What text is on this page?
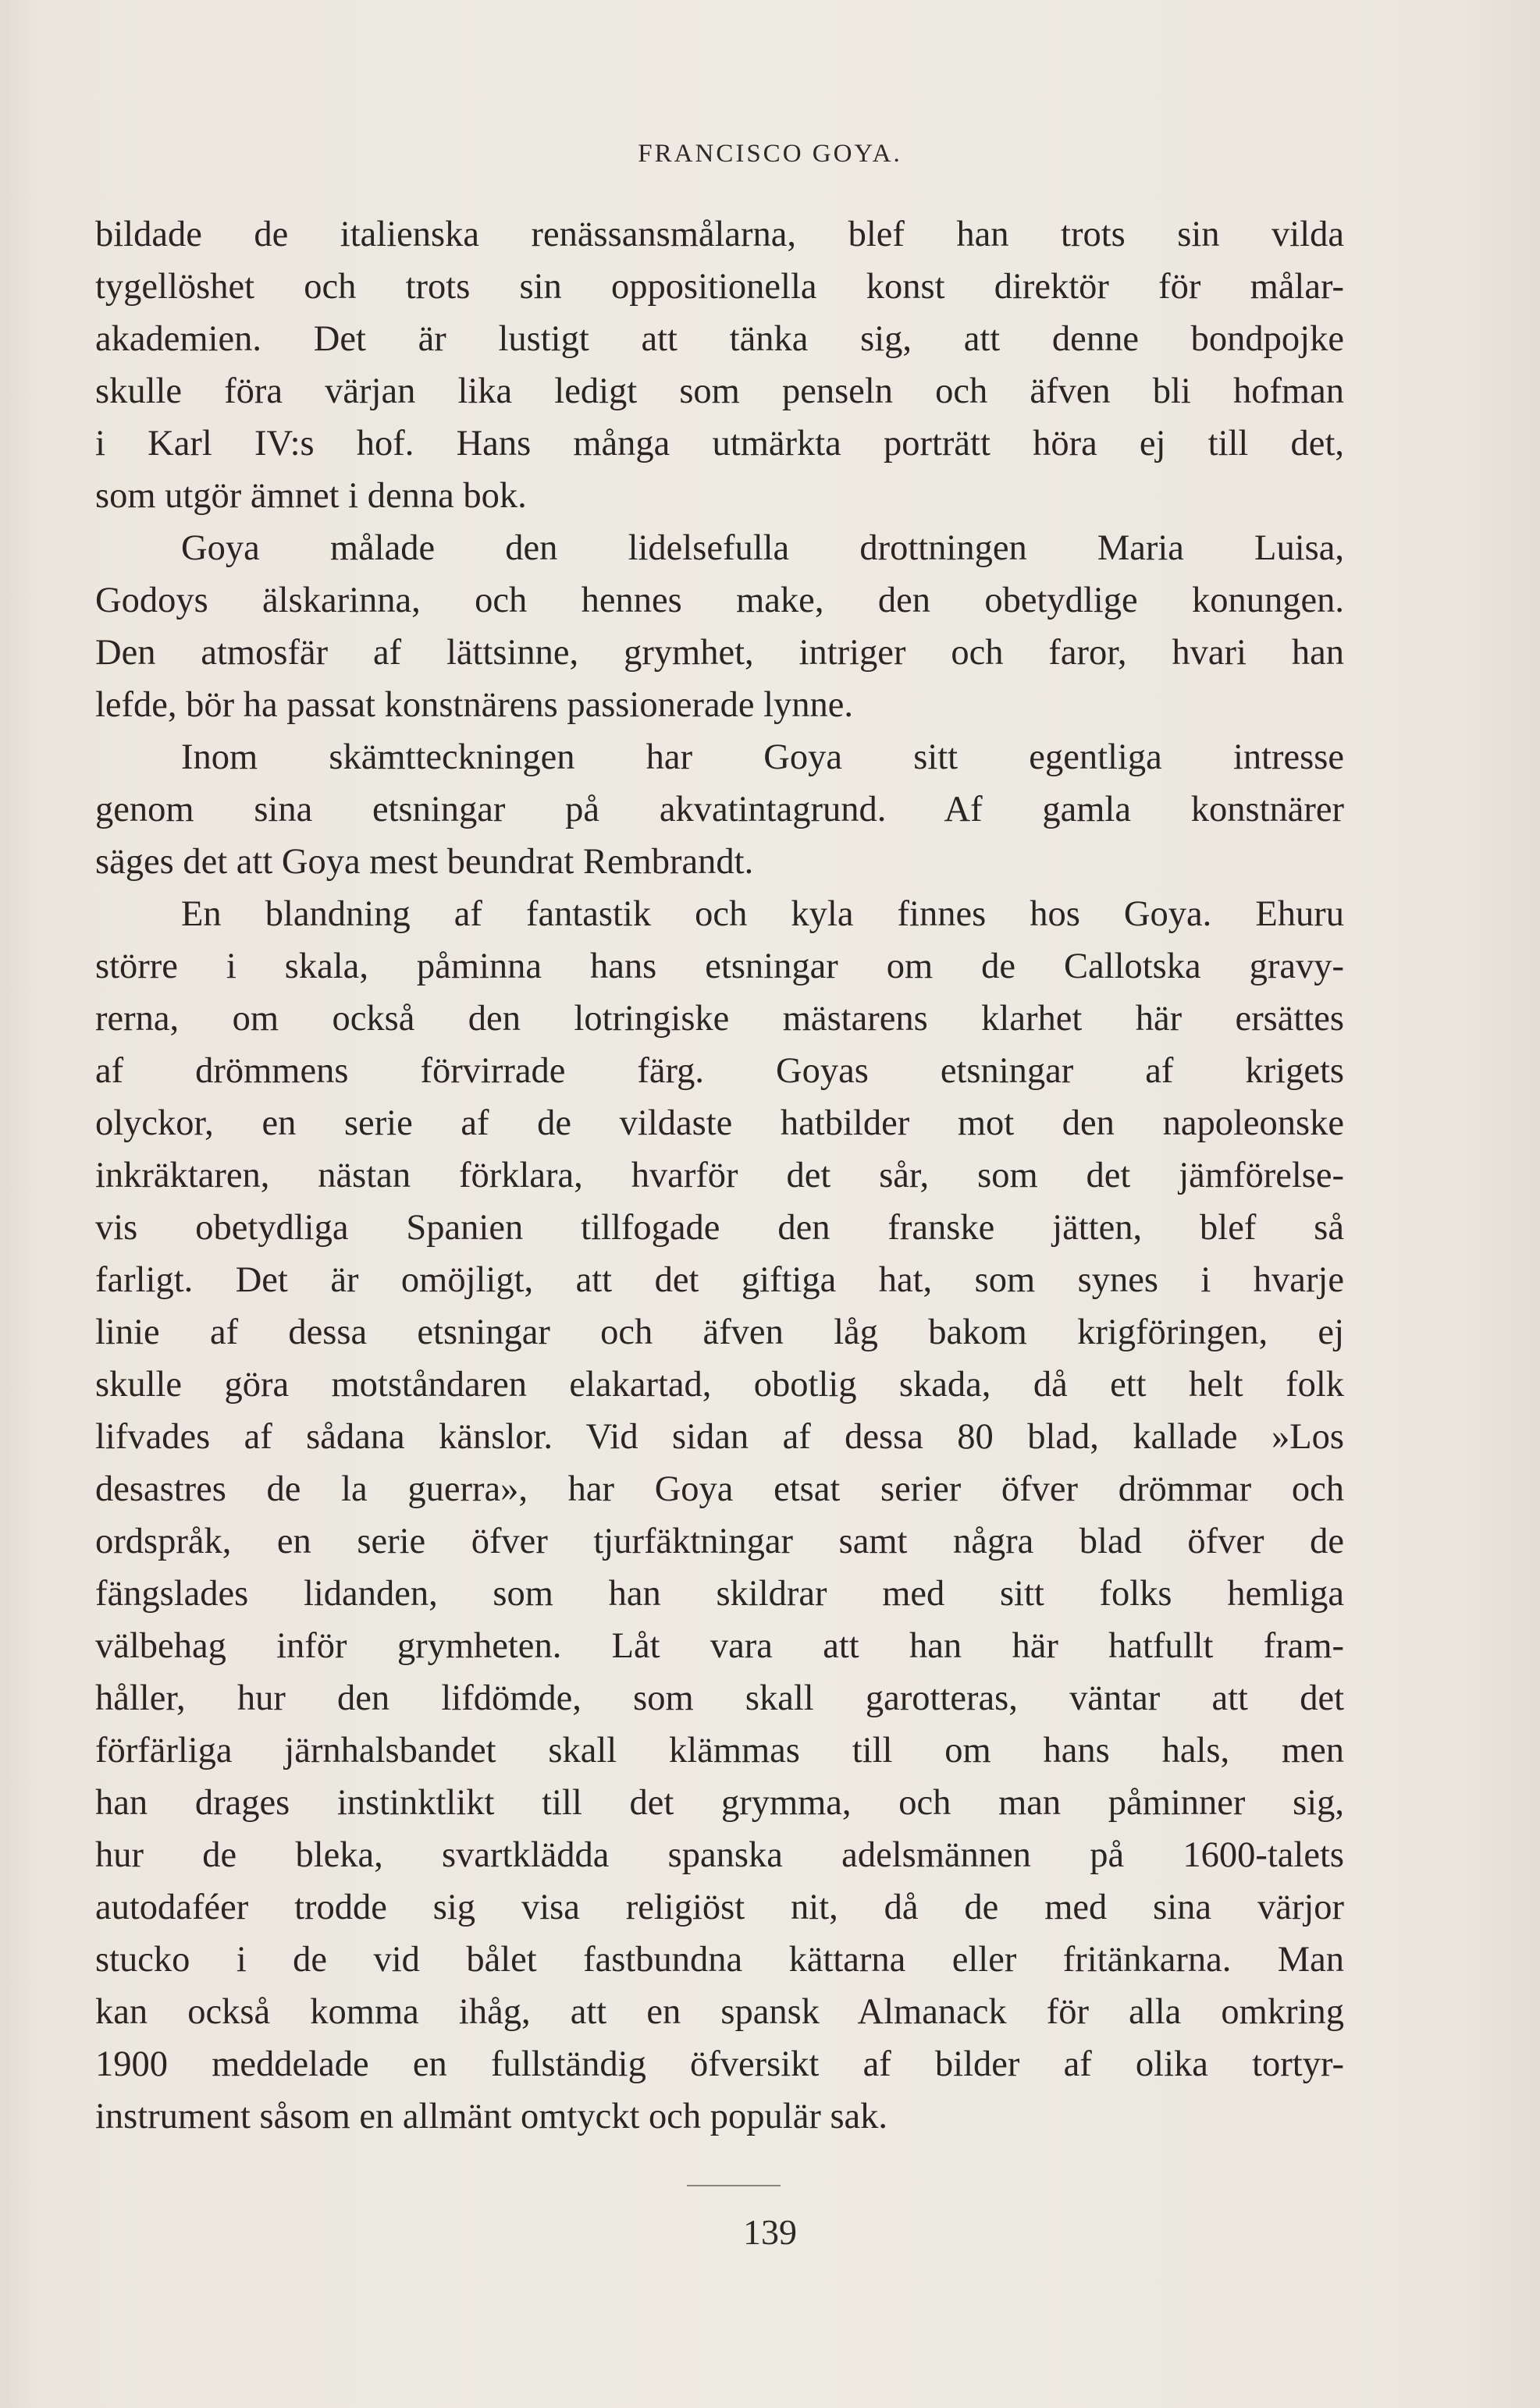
FRANCISCO GOYA.
bildade de italienska renässansmålarna, blef han trots sin vilda
tygellöshet och trots sin oppositionella konst direktör för målar-
akademien. Det är lustigt att tänka sig, att denne bondpojke
skulle föra värjan lika ledigt som penseln och äfven bli hofman
i Karl IV:s hof. Hans många utmärkta porträtt höra ej till det,
som utgör ämnet i denna bok.
Goya målade den lidelsefulla drottningen Maria Luisa,
Godoys älskarinna, och hennes make, den obetydlige konungen.
Den atmosfär af lättsinne, grymhet, intriger och faror, hvari han
lefde, bör ha passat konstnärens passionerade lynne.
Inom skämtteckningen har Goya sitt egentliga intresse
genom sina etsningar på akvatintagrund. Af gamla konstnärer
säges det att Goya mest beundrat Rembrandt.
En blandning af fantastik och kyla finnes hos Goya. Ehuru
större i skala, påminna hans etsningar om de Callotska gravy-
rerna, om också den lotringiske mästarens klarhet här ersättes
af drömmens förvirrade färg. Goyas etsningar af krigets
olyckor, en serie af de vildaste hatbilder mot den napoleonske
inkräktaren, nästan förklara, hvarför det sår, som det jämförelse-
vis obetydliga Spanien tillfogade den franske jätten, blef så
farligt. Det är omöjligt, att det giftiga hat, som synes i hvarje
linie af dessa etsningar och äfven låg bakom krigföringen, ej
skulle göra motståndaren elakartad, obotlig skada, då ett helt folk
lifvades af sådana känslor. Vid sidan af dessa 80 blad, kallade »Los
desastres de la guerra», har Goya etsat serier öfver drömmar och
ordspråk, en serie öfver tjurfäktningar samt några blad öfver de
fängslades lidanden, som han skildrar med sitt folks hemliga
välbehag inför grymheten. Låt vara att han här hatfullt fram-
håller, hur den lifdömde, som skall garotteras, väntar att det
förfärliga järnhalsbandet skall klämmas till om hans hals, men
han drages instinktlikt till det grymma, och man påminner sig,
hur de bleka, svartklädda spanska adelsmännen på 1600-talets
autodaféer trodde sig visa religiöst nit, då de med sina värjor
stucko i de vid bålet fastbundna kättarna eller fritänkarna. Man
kan också komma ihåg, att en spansk Almanack för alla omkring
1900 meddelade en fullständig öfversikt af bilder af olika tortyr-
instrument såsom en allmänt omtyckt och populär sak.
139
